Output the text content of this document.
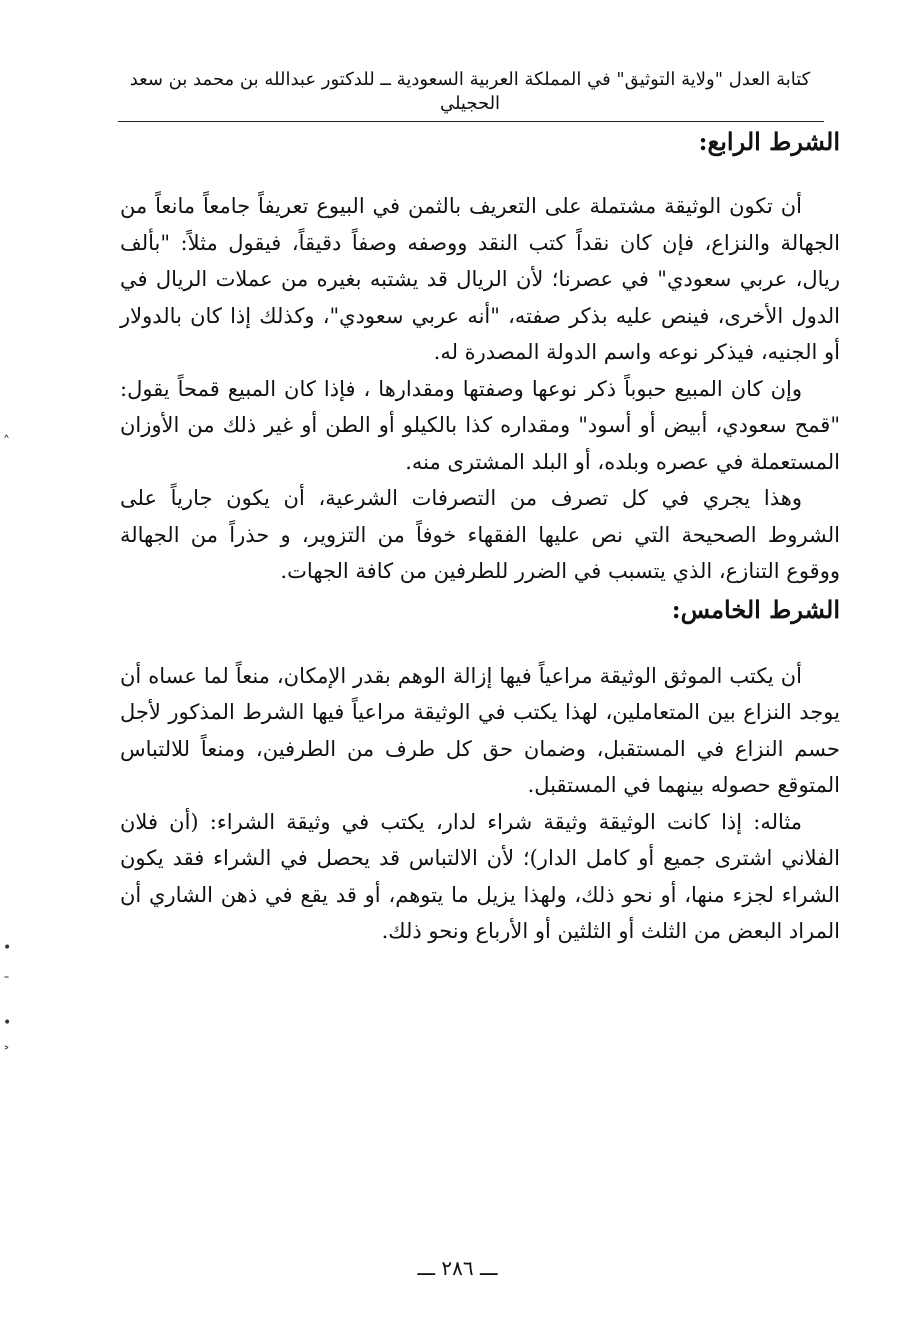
كتابة العدل "ولاية التوثيق" في المملكة العربية السعودية ــ للدكتور عبدالله بن محمد بن سعد الحجيلي
˄
•
ˉ
•
˃
الشرط الرابع:

أن تكون الوثيقة مشتملة على التعريف بالثمن في البيوع تعريفاً جامعاً مانعاً من الجهالة والنزاع، فإن كان نقداً كتب النقد ووصفه وصفاً دقيقاً، فيقول مثلاً: "بألف ريال، عربي سعودي" في عصرنا؛ لأن الريال قد يشتبه بغيره من عملات الريال في الدول الأخرى، فينص عليه بذكر صفته، "أنه عربي سعودي"، وكذلك إذا كان بالدولار أو الجنيه، فيذكر نوعه واسم الدولة المصدرة له.

وإن كان المبيع حبوباً ذكر نوعها وصفتها ومقدارها ، فإذا كان المبيع قمحاً يقول: "قمح سعودي، أبيض أو أسود" ومقداره كذا بالكيلو أو الطن أو غير ذلك من الأوزان المستعملة في عصره وبلده، أو البلد المشترى منه.

وهذا يجري في كل تصرف من التصرفات الشرعية، أن يكون جارياً على الشروط الصحيحة التي نص عليها الفقهاء خوفاً من التزوير، و حذراً من الجهالة ووقوع التنازع، الذي يتسبب في الضرر للطرفين من كافة الجهات.

الشرط الخامس:

أن يكتب الموثق الوثيقة مراعياً فيها إزالة الوهم بقدر الإمكان، منعاً لما عساه أن يوجد النزاع بين المتعاملين، لهذا يكتب في الوثيقة مراعياً فيها الشرط المذكور لأجل حسم النزاع في المستقبل، وضمان حق كل طرف من الطرفين، ومنعاً للالتباس المتوقع حصوله بينهما في المستقبل.

مثاله: إذا كانت الوثيقة وثيقة شراء لدار، يكتب في وثيقة الشراء: (أن فلان الفلاني اشترى جميع أو كامل الدار)؛ لأن الالتباس قد يحصل في الشراء فقد يكون الشراء لجزء منها، أو نحو ذلك، ولهذا يزيل ما يتوهم، أو قد يقع في ذهن الشاري أن المراد البعض من الثلث أو الثلثين أو الأرباع ونحو ذلك.

ـــ ٢٨٦ ـــ
